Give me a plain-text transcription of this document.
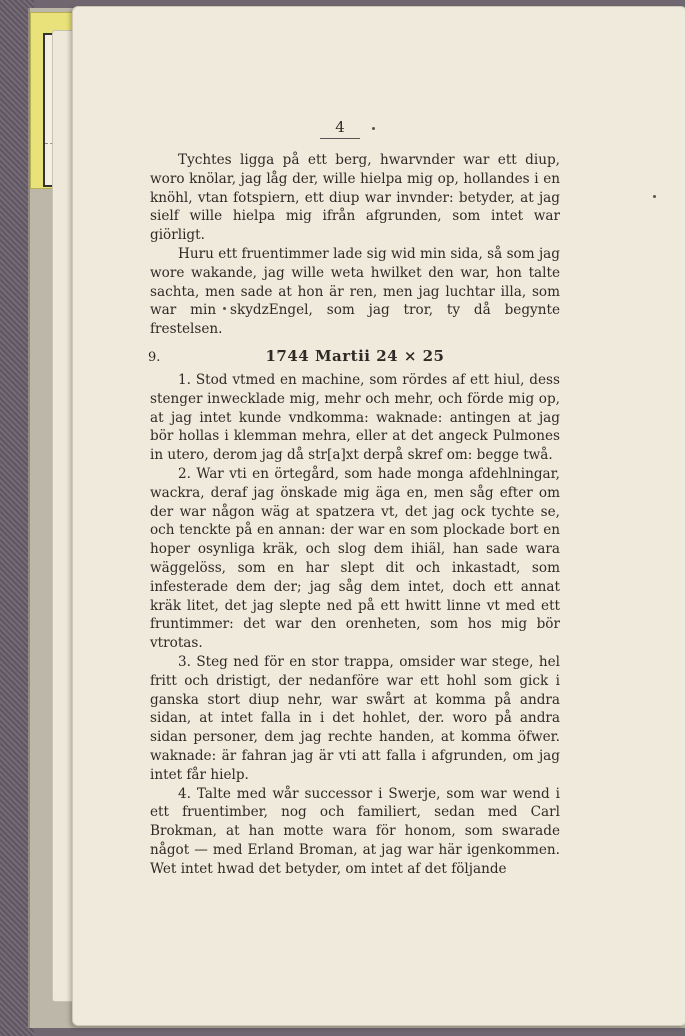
9.
4

Tychtes ligga på ett berg, hwarvnder war ett diup, woro knölar, jag låg der, wille hielpa mig op, hollandes i en knöhl, vtan fotspiern, ett diup war invnder: betyder, at jag sielf wille hielpa mig ifrån afgrunden, som intet war giörligt.

Huru ett fruentimmer lade sig wid min sida, så som jag wore wakande, jag wille weta hwilket den war, hon talte sachta, men sade at hon är ren, men jag luchtar illa, som war min skydzEngel, som jag tror, ty då begynte frestelsen.

1744 Martii 24 × 25

1. Stod vtmed en machine, som rördes af ett hiul, dess stenger inwecklade mig, mehr och mehr, och förde mig op, at jag intet kunde vndkomma: waknade: antingen at jag bör hollas i klemman mehra, eller at det angeck Pulmones in utero, derom jag då str[a]xt derpå skref om: begge twå.

2. War vti en örtegård, som hade monga afdehlningar, wackra, deraf jag önskade mig äga en, men såg efter om der war någon wäg at spatzera vt, det jag ock tychte se, och tenckte på en annan: der war en som plockade bort en hoper osynliga kräk, och slog dem ihiäl, han sade wara wäggelöss, som en har slept dit och inkastadt, som infesterade dem der; jag såg dem intet, doch ett annat kräk litet, det jag slepte ned på ett hwitt linne vt med ett fruntimmer: det war den orenheten, som hos mig bör vtrotas.

3. Steg ned för en stor trappa, omsider war stege, hel fritt och dristigt, der nedanföre war ett hohl som gick i ganska stort diup nehr, war swårt at komma på andra sidan, at intet falla in i det hohlet, der. woro på andra sidan personer, dem jag rechte handen, at komma öfwer. waknade: är fahran jag är vti att falla i afgrunden, om jag intet får hielp.

4. Talte med wår successor i Swerje, som war wend i ett fruentimber, nog och familiert, sedan med Carl Brokman, at han motte wara för honom, som swarade något — med Erland Broman, at jag war här igenkommen. Wet intet hwad det betyder, om intet af det följande
